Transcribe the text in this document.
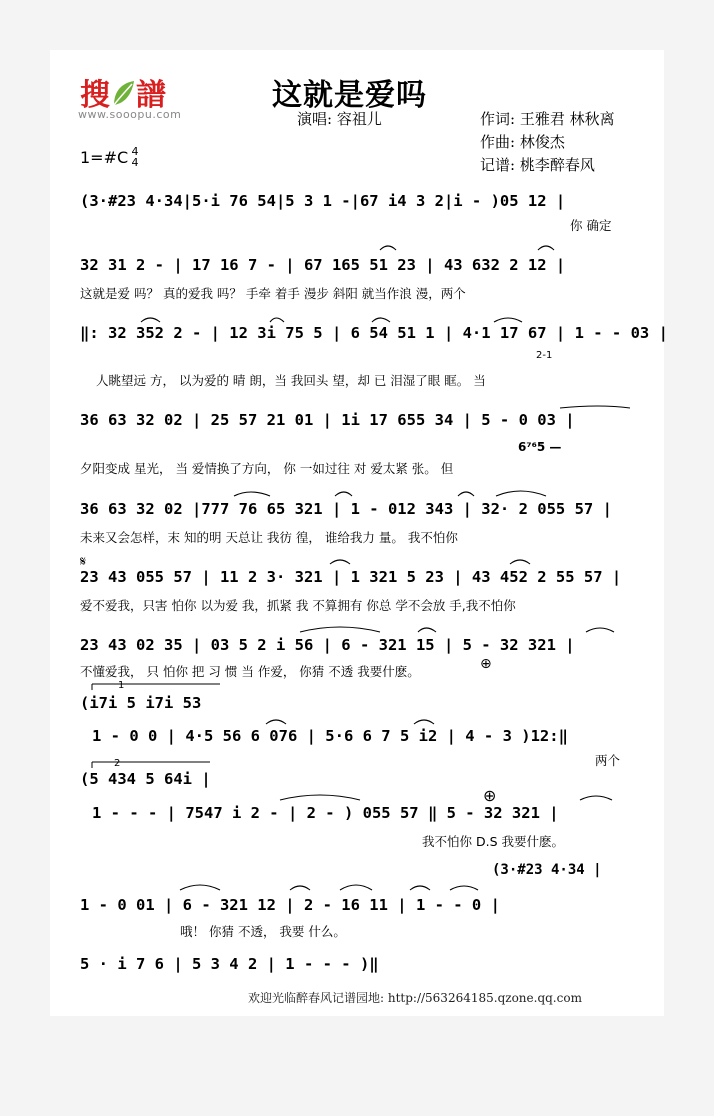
搜 譜
www.sooopu.com
这就是爱吗
演唱: 容祖儿	作词: 王雅君 林秋离
作曲: 林俊杰
记谱: 桃李醉春风
1=#C 4
4
(3·#23 4·34|5·i 76 54|5 3 1 -|67 i4 3 2|i - )05 12 |
你 确定
32 31 2 - | 17 16 7 - | 67 165 51 23 | 43 632 2 12 |
这就是爱 吗？ 真的爱我 吗？ 手牵 着手 漫步 斜阳 就当作浪 漫，两个
‖: 32 352 2 - | 12 3i 75 5 | 6 54 51 1 | 4·1 17 67 | 1 - - 03 |
人眺望远 方， 以为爱的 晴 朗，当 我回头 望，却 已 泪湿了眼 眶。 当
36 63 32 02 | 25 57 21 01 | 1i 17 655 34 | 5 - 0 03 |
夕阳变成 星光， 当 爱情换了方向， 你 一如过往 对 爱太紧 张。 但
36 63 32 02 |777 76 65 321 | 1 - 012 343 | 32· 2 055 57 |
未来又会怎样，末 知的明 天总让 我彷 徨， 谁给我力 量。 我不怕你
23 43 055 57 | 11 2 3· 321 | 1 321 5 23 | 43 452 2 55 57 |
爱不爱我，只害 怕你 以为爱 我，抓紧 我 不算拥有 你总 学不会放 手,我不怕你
23 43 02 35 | 03 5 2 i 56 | 6 - 321 15 | 5 - 32 321 |
不懂爱我， 只 怕你 把 习 惯 当 作爱， 你猜 不透 我要什麽。
(i7i 5 i7i 53
1
1 - 0 0 | 4·5 56 6 076 | 5·6 6 7 5 i2 | 4 - 3 )12:‖
两个
(5 434 5 64i |
2
1 - - - | 7547 i 2 - | 2 - ) 055 57 ‖ 5 - 32 321 |
我不怕你 D.S 我要什麽。
(3·#23 4·34 |
1 - 0 01 | 6 - 321 12 | 2 - 16 11 | 1 - - 0 |
哦！ 你猜 不透， 我要 什么。
5 · i 7 6 | 5 3 4 2 | 1 - - - )‖
2-1
6⁷⁶5 —
𝄋
⊕
⊕
欢迎光临醉春风记谱园地: http://563264185.qzone.qq.com
